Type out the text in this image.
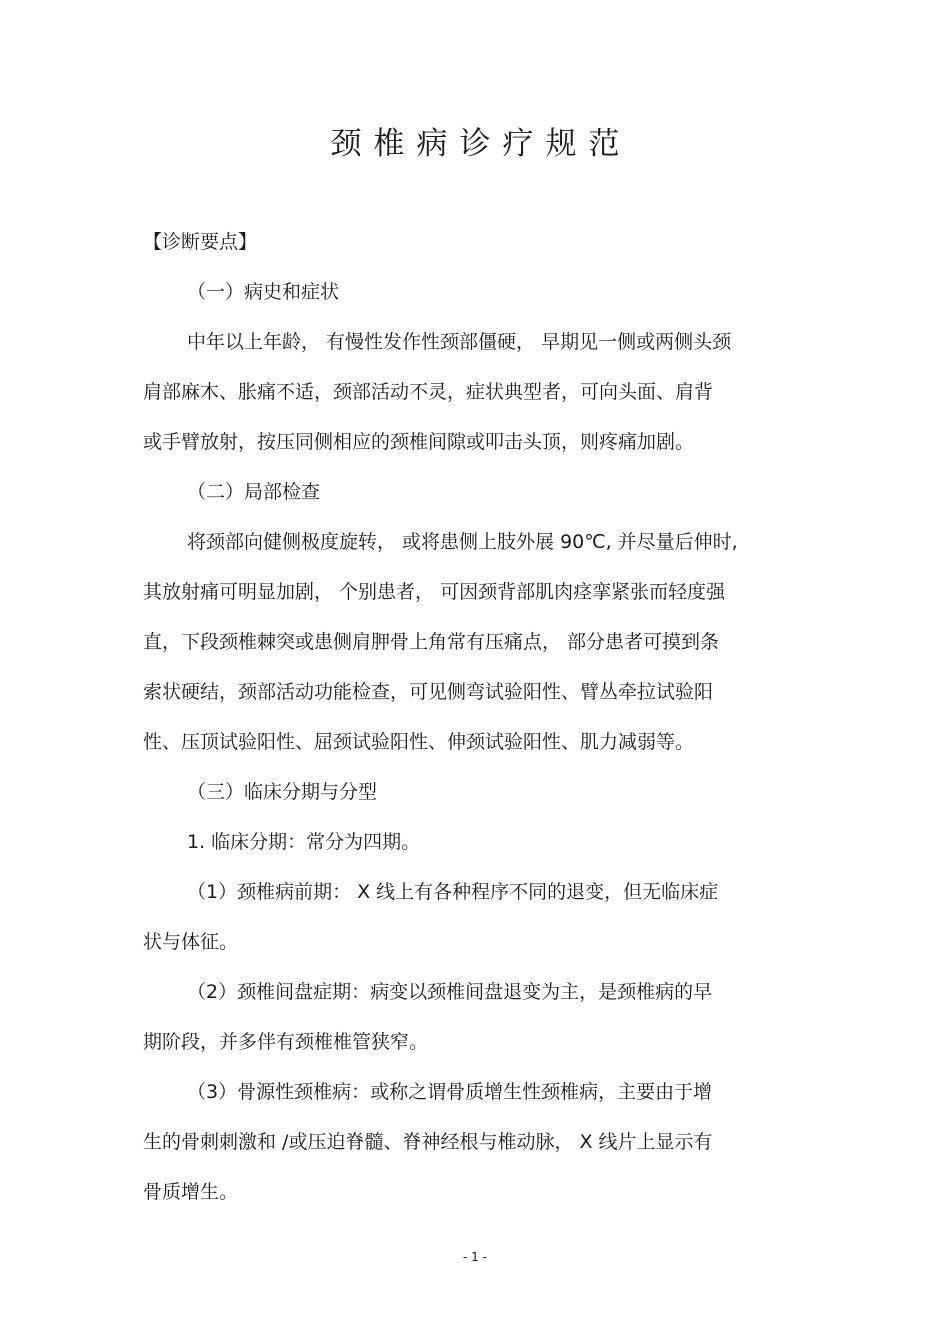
颈椎病诊疗规范
【诊断要点】
（一）病史和症状
中年以上年龄， 有慢性发作性颈部僵硬， 早期见一侧或两侧头颈
肩部麻木、胀痛不适，颈部活动不灵，症状典型者，可向头面、肩背
或手臂放射，按压同侧相应的颈椎间隙或叩击头顶，则疼痛加剧。
（二）局部检查
将颈部向健侧极度旋转， 或将患侧上肢外展 90℃, 并尽量后伸时,
其放射痛可明显加剧， 个别患者， 可因颈背部肌肉痉挛紧张而轻度强
直，下段颈椎棘突或患侧肩胛骨上角常有压痛点， 部分患者可摸到条
索状硬结，颈部活动功能检查，可见侧弯试验阳性、臂丛牵拉试验阳
性、压顶试验阳性、屈颈试验阳性、伸颈试验阳性、肌力减弱等。
（三）临床分期与分型
1. 临床分期：常分为四期。
（1）颈椎病前期： X 线上有各种程序不同的退变，但无临床症
状与体征。
（2）颈椎间盘症期：病变以颈椎间盘退变为主，是颈椎病的早
期阶段，并多伴有颈椎椎管狭窄。
（3）骨源性颈椎病：或称之谓骨质增生性颈椎病，主要由于增
生的骨刺刺激和 /或压迫脊髓、脊神经根与椎动脉， X 线片上显示有
骨质增生。
- 1 -
